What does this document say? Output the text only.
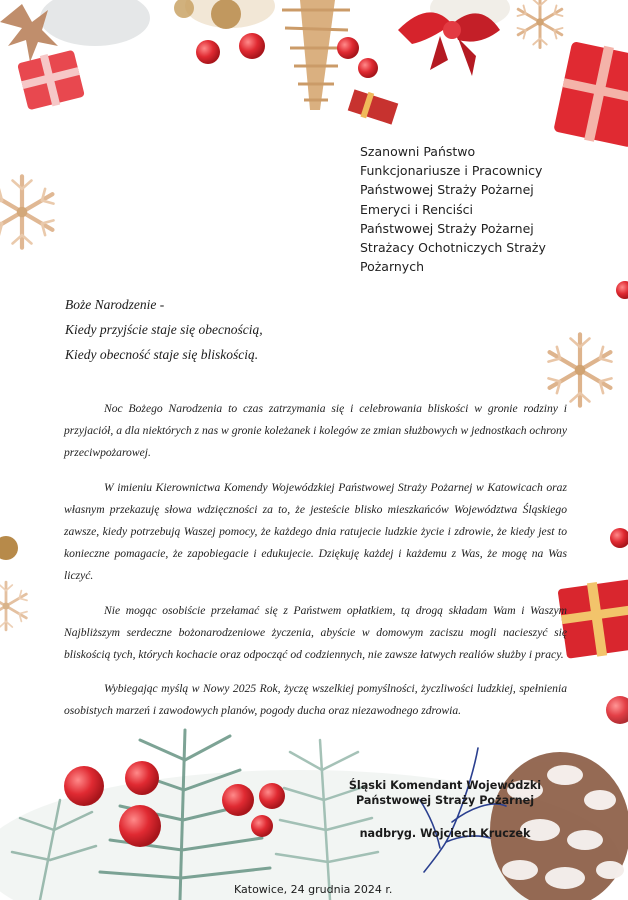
Szanowni Państwo
Funkcjonariusze i Pracownicy
Państwowej Straży Pożarnej
Emeryci i Renciści
Państwowej Straży Pożarnej
Strażacy Ochotniczych Straży
Pożarnych
Boże Narodzenie -
Kiedy przyjście staje się obecnością,
Kiedy obecność staje się bliskością.

Noc Bożego Narodzenia to czas zatrzymania się i celebrowania bliskości w gronie rodziny i przyjaciół, a dla niektórych z nas w gronie koleżanek i kolegów ze zmian służbowych w jednostkach ochrony przeciwpożarowej.

W imieniu Kierownictwa Komendy Wojewódzkiej Państwowej Straży Pożarnej w Katowicach oraz własnym przekazuję słowa wdzięczności za to, że jesteście blisko mieszkańców Województwa Śląskiego zawsze, kiedy potrzebują Waszej pomocy, że każdego dnia ratujecie ludzkie życie i zdrowie, że kiedy jest to konieczne pomagacie, że zapobiegacie i edukujecie. Dziękuję każdej i każdemu z Was, że mogę na Was liczyć.

Nie mogąc osobiście przełamać się z Państwem opłatkiem, tą drogą składam Wam i Waszym Najbliższym serdeczne bożonarodzeniowe życzenia, abyście w domowym zaciszu mogli nacieszyć się bliskością tych, których kochacie oraz odpocząć od codziennych, nie zawsze łatwych realiów służby i pracy.

Wybiegając myślą w Nowy 2025 Rok, życzę wszelkiej pomyślności, życzliwości ludzkiej, spełnienia osobistych marzeń i zawodowych planów, pogody ducha oraz niezawodnego zdrowia.

Śląski Komendant Wojewódzki
Państwowej Straży Pożarnej
nadbryg. Wojciech Kruczek
Katowice, 24 grudnia 2024 r.
